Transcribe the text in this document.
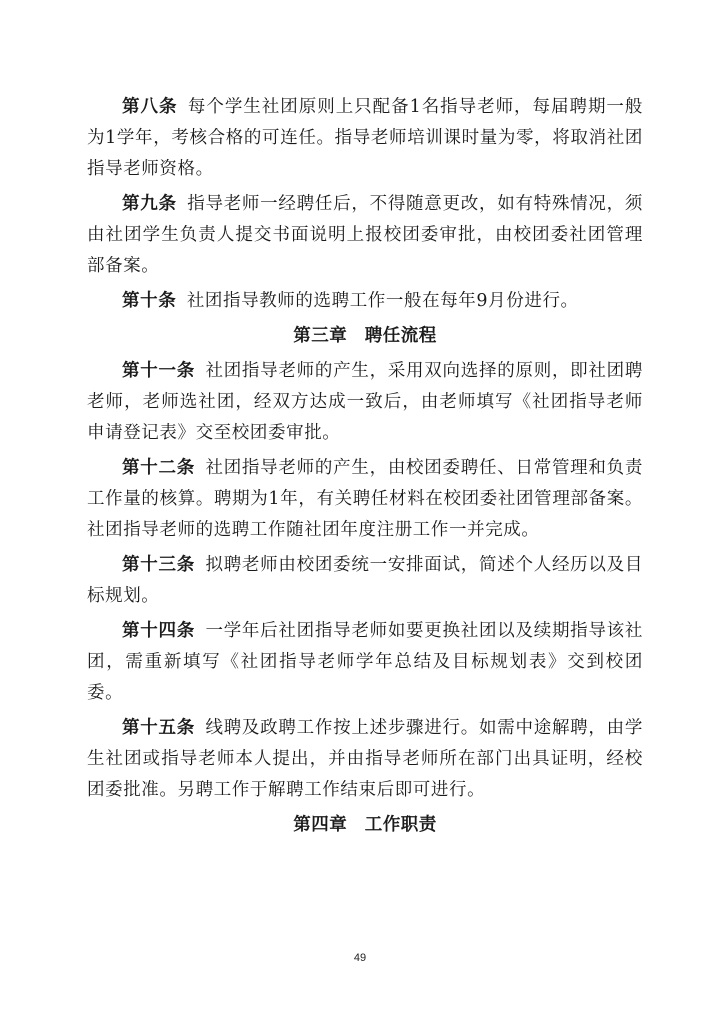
第八条 每个学生社团原则上只配备1名指导老师，每届聘期一般为1学年，考核合格的可连任。指导老师培训课时量为零，将取消社团指导老师资格。

第九条 指导老师一经聘任后，不得随意更改，如有特殊情况，须由社团学生负责人提交书面说明上报校团委审批，由校团委社团管理部备案。

第十条 社团指导教师的选聘工作一般在每年9月份进行。

第三章 聘任流程

第十一条 社团指导老师的产生，采用双向选择的原则，即社团聘老师，老师选社团，经双方达成一致后，由老师填写《社团指导老师申请登记表》交至校团委审批。

第十二条 社团指导老师的产生，由校团委聘任、日常管理和负责工作量的核算。聘期为1年，有关聘任材料在校团委社团管理部备案。社团指导老师的选聘工作随社团年度注册工作一并完成。

第十三条 拟聘老师由校团委统一安排面试，简述个人经历以及目标规划。

第十四条 一学年后社团指导老师如要更换社团以及续期指导该社团，需重新填写《社团指导老师学年总结及目标规划表》交到校团委。

第十五条 线聘及政聘工作按上述步骤进行。如需中途解聘，由学生社团或指导老师本人提出，并由指导老师所在部门出具证明，经校团委批准。另聘工作于解聘工作结束后即可进行。

第四章 工作职责
49
